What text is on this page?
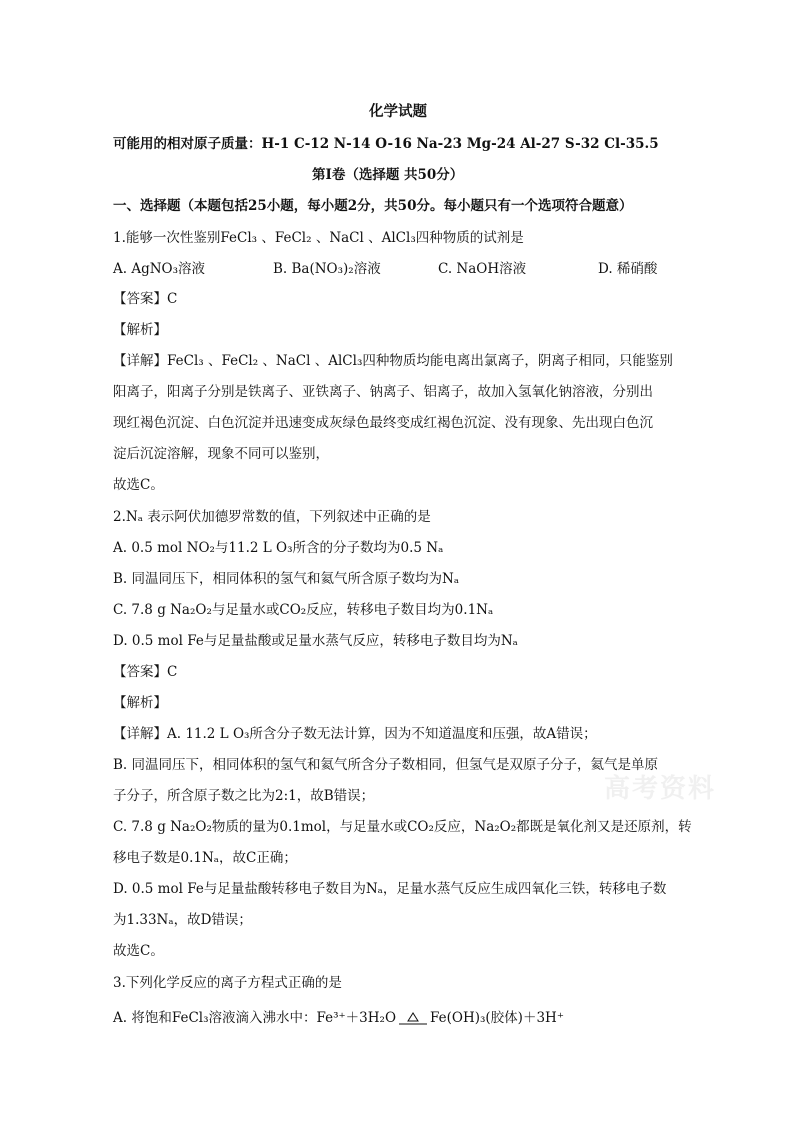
化学试题
可能用的相对原子质量：H-1 C-12 N-14 O-16 Na-23 Mg-24 Al-27 S-32 Cl-35.5
第Ⅰ卷（选择题 共50分）
一、选择题（本题包括25小题，每小题2分，共50分。每小题只有一个选项符合题意）
1.能够一次性鉴别FeCl₃ 、FeCl₂ 、NaCl 、AlCl₃四种物质的试剂是
A. AgNO₃溶液	B. Ba(NO₃)₂溶液	C. NaOH溶液	D. 稀硝酸
【答案】C
【解析】
【详解】FeCl₃ 、FeCl₂ 、NaCl 、AlCl₃四种物质均能电离出氯离子，阴离子相同，只能鉴别
阳离子，阳离子分别是铁离子、亚铁离子、钠离子、铝离子，故加入氢氧化钠溶液，分别出
现红褐色沉淀、白色沉淀并迅速变成灰绿色最终变成红褐色沉淀、没有现象、先出现白色沉
淀后沉淀溶解，现象不同可以鉴别，
故选C。
2.Nₐ 表示阿伏加德罗常数的值，下列叙述中正确的是
A. 0.5 mol NO₂与11.2 L O₃所含的分子数均为0.5 Nₐ
B. 同温同压下，相同体积的氢气和氦气所含原子数均为Nₐ
C. 7.8 g Na₂O₂与足量水或CO₂反应，转移电子数目均为0.1Nₐ
D. 0.5 mol Fe与足量盐酸或足量水蒸气反应，转移电子数目均为Nₐ
【答案】C
【解析】
【详解】A. 11.2 L O₃所含分子数无法计算，因为不知道温度和压强，故A错误；
B. 同温同压下，相同体积的氢气和氦气所含分子数相同，但氢气是双原子分子，氦气是单原
子分子，所含原子数之比为2:1，故B错误；
C. 7.8 g Na₂O₂物质的量为0.1mol，与足量水或CO₂反应，Na₂O₂都既是氧化剂又是还原剂，转
移电子数是0.1Nₐ，故C正确；
D. 0.5 mol Fe与足量盐酸转移电子数目为Nₐ，足量水蒸气反应生成四氧化三铁，转移电子数
为1.33Nₐ，故D错误；
故选C。
3.下列化学反应的离子方程式正确的是
A. 将饱和FeCl₃溶液滴入沸水中：Fe³⁺＋3H₂O	Fe(OH)₃(胶体)＋3H⁺
高考资料
